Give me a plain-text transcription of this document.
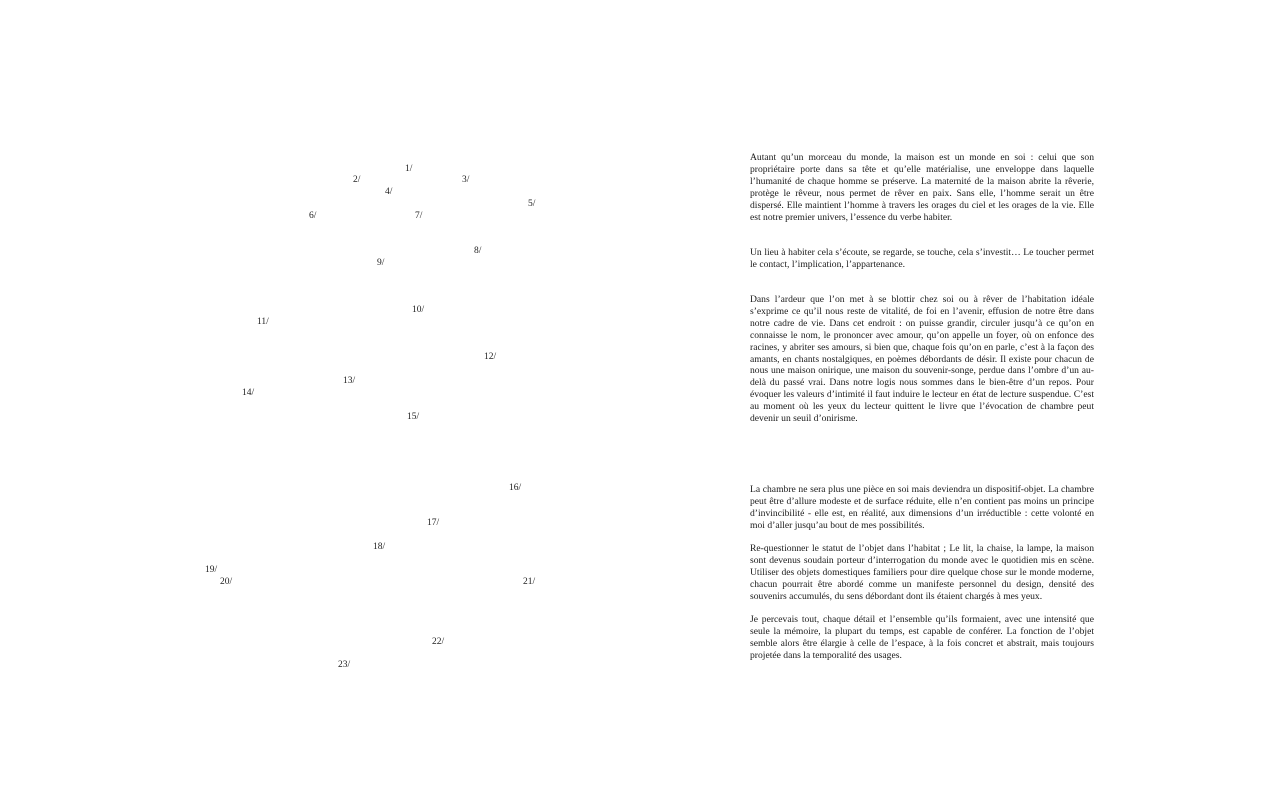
1/
2/	3/
4/
5/
6/	7/
8/
9/
10/
11/
12/
13/
14/
15/
16/
17/
18/
19/
20/	21/
22/
23/

Autant qu’un morceau du monde, la maison est un monde en soi : celui que son propriétaire porte dans sa tête et qu’elle matérialise, une enveloppe dans laquelle l’humanité de chaque homme se préserve. La maternité de la maison abrite la rêverie, protège le rêveur, nous permet de rêver en paix. Sans elle, l’homme serait un être dispersé. Elle maintient l’homme à travers les orages du ciel et les orages de la vie. Elle est notre premier univers, l’essence du verbe habiter.

Un lieu à habiter cela s’écoute, se regarde, se touche, cela s’investit… Le toucher permet le contact, l’implication, l’appartenance.

Dans l’ardeur que l’on met à se blottir chez soi ou à rêver de l’habitation idéale s’exprime ce qu’il nous reste de vitalité, de foi en l’avenir, effusion de notre être dans notre cadre de vie. Dans cet endroit : on puisse grandir, circuler jusqu’à ce qu’on en connaisse le nom, le prononcer avec amour, qu’on appelle un foyer, où on enfonce des racines, y abriter ses amours, si bien que, chaque fois qu’on en parle, c’est à la façon des amants, en chants nostalgiques, en poèmes débordants de désir. Il existe pour chacun de nous une maison onirique, une maison du souvenir-songe, perdue dans l’ombre d’un au-delà du passé vrai. Dans notre logis nous sommes dans le bien-être d’un repos. Pour évoquer les valeurs d’intimité il faut induire le lecteur en état de lecture suspendue. C’est au moment où les yeux du lecteur quittent le livre que l’évocation de chambre peut devenir un seuil d’onirisme.

La chambre ne sera plus une pièce en soi mais deviendra un dispositif-objet. La chambre peut être d’allure modeste et de surface réduite, elle n’en contient pas moins un principe d’invincibilité - elle est, en réalité, aux dimensions d’un irréductible : cette volonté en moi d’aller jusqu’au bout de mes possibilités.

Re-questionner le statut de l’objet dans l’habitat ; Le lit, la chaise, la lampe, la maison sont devenus soudain porteur d’interrogation du monde avec le quotidien mis en scène. Utiliser des objets domestiques familiers pour dire quelque chose sur le monde moderne, chacun pourrait être abordé comme un manifeste personnel du design, densité des souvenirs accumulés, du sens débordant dont ils étaient chargés à mes yeux.

Je percevais tout, chaque détail et l’ensemble qu’ils formaient, avec une intensité que seule la mémoire, la plupart du temps, est capable de conférer. La fonction de l’objet semble alors être élargie à celle de l’espace, à la fois concret et abstrait, mais toujours projetée dans la temporalité des usages.
